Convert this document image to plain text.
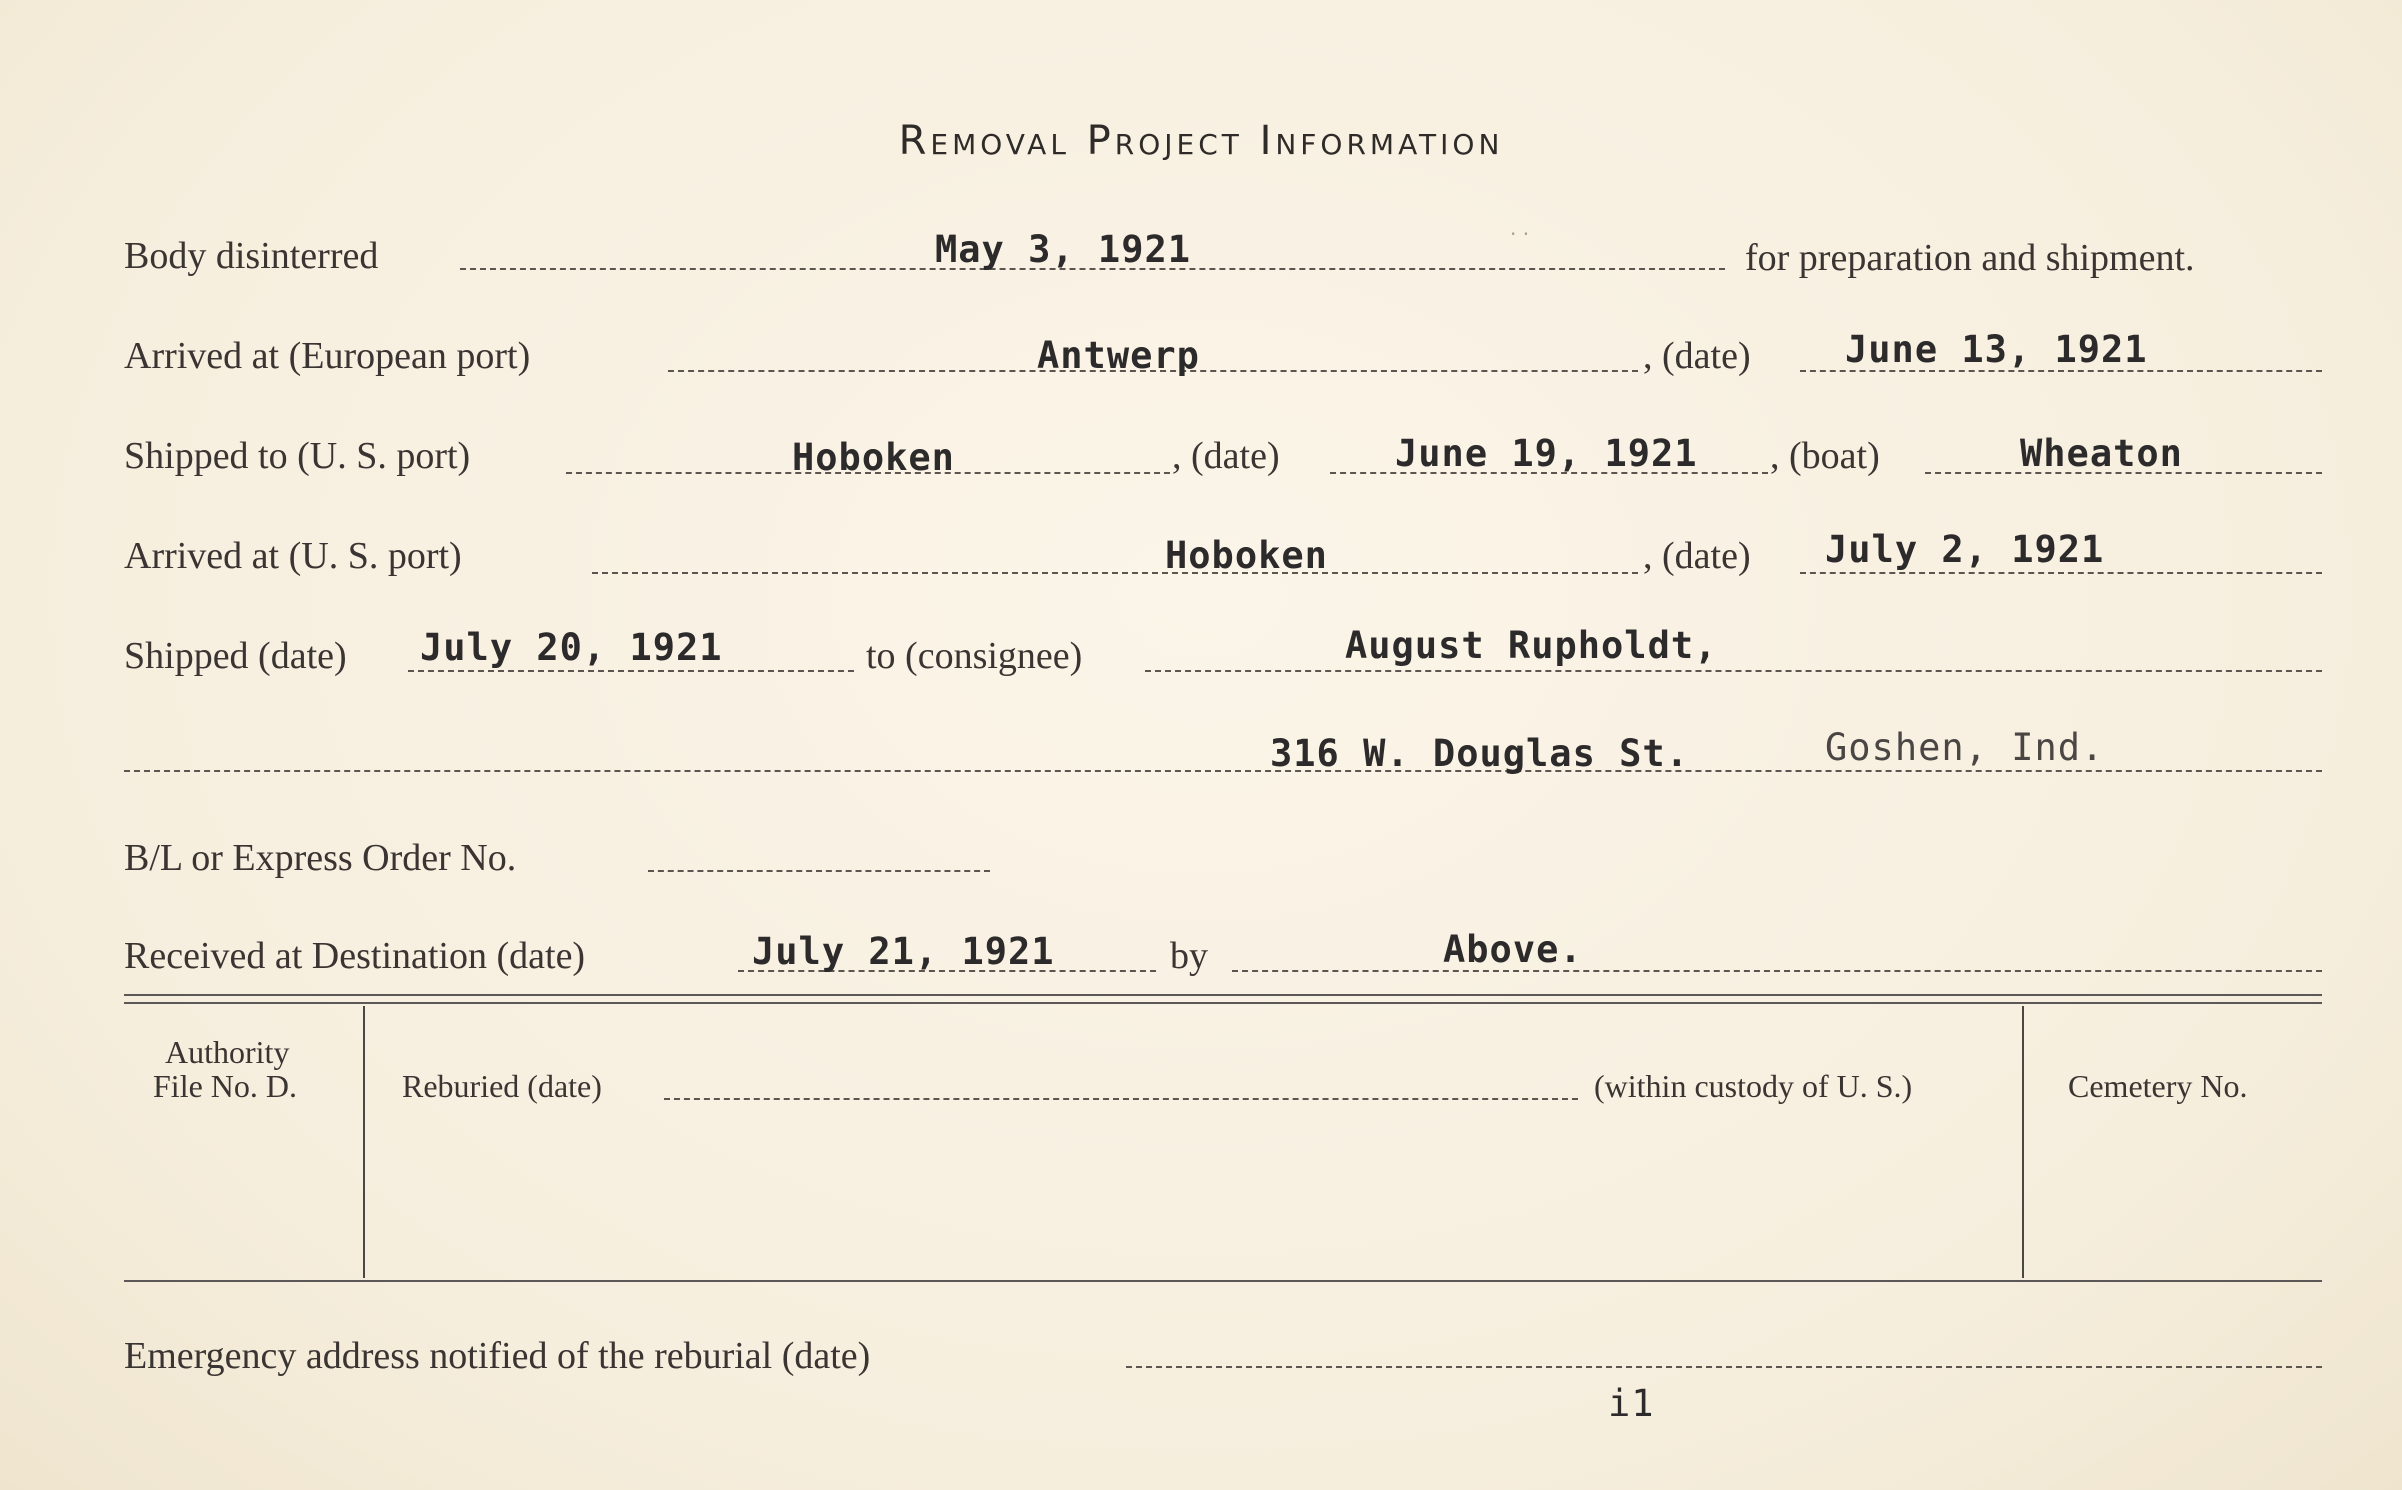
Removal Project Information
Body disinterred	May 3, 1921	for preparation and shipment.
· ·
Arrived at (European port)	Antwerp	, (date)	June 13, 1921
Shipped to (U. S. port)	Hoboken	, (date)	June 19, 1921 , (boat)	Wheaton
Arrived at (U. S. port)	Hoboken	, (date) July 2, 1921
Shipped (date) July 20, 1921	to (consignee)	August Rupholdt,
316 W. Douglas St.	Goshen, Ind.
B/L or Express Order No.
Received at Destination (date)	July 21, 1921	by	Above.
Authority
File No. D.	Reburied (date)	(within custody of U. S.)	Cemetery No.
Emergency address notified of the reburial (date)
i1
